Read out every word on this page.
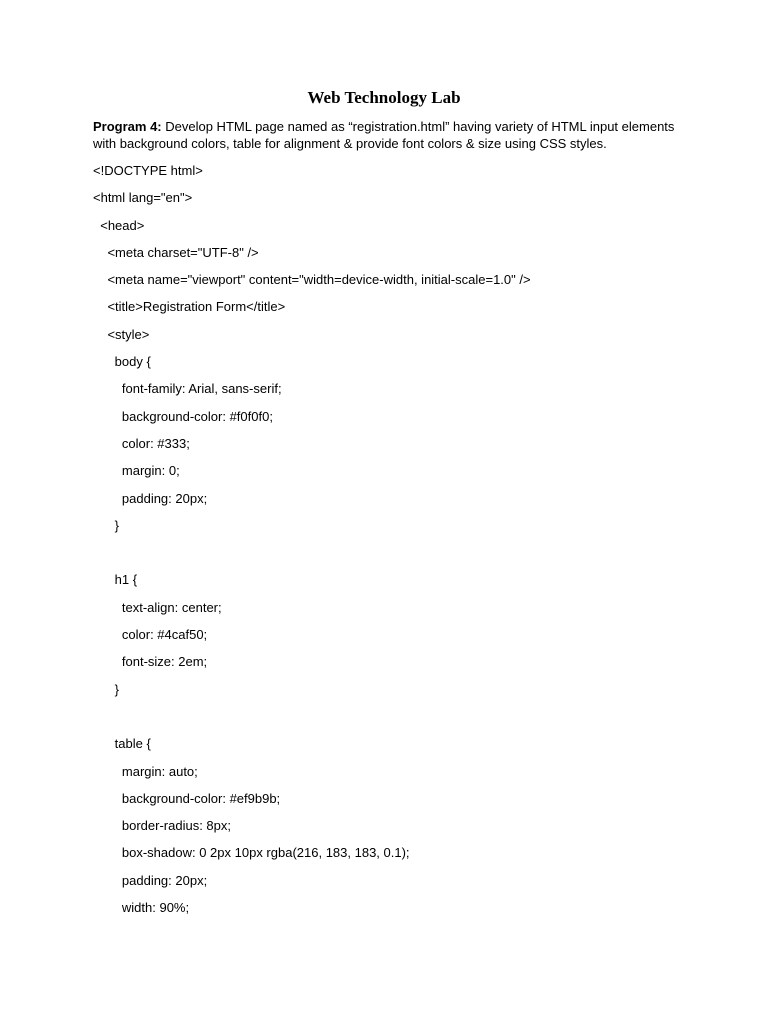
Web Technology Lab

Program 4: Develop HTML page named as “registration.html” having variety of HTML input elements with background colors, table for alignment & provide font colors & size using CSS styles.

<!DOCTYPE html>
<html lang="en">
<head>
<meta charset="UTF-8" />
<meta name="viewport" content="width=device-width, initial-scale=1.0" />
<title>Registration Form</title>
<style>
body {
font-family: Arial, sans-serif;
background-color: #f0f0f0;
color: #333;
margin: 0;
padding: 20px;
}
h1 {
text-align: center;
color: #4caf50;
font-size: 2em;
}
table {
margin: auto;
background-color: #ef9b9b;
border-radius: 8px;
box-shadow: 0 2px 10px rgba(216, 183, 183, 0.1);
padding: 20px;
width: 90%;
